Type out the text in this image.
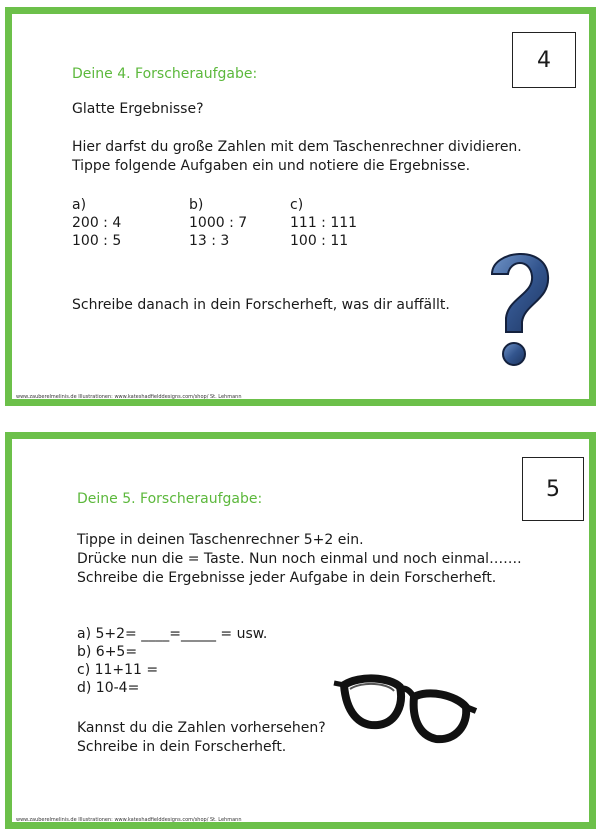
4
Deine 4. Forscheraufgabe:
Glatte Ergebnisse?
Hier darfst du große Zahlen mit dem Taschenrechner dividieren.
Tippe folgende Aufgaben ein und notiere die Ergebnisse.
a)
200 : 4
100 : 5
b)
1000 : 7
13 : 3
c)
111 : 111
100 : 11
Schreibe danach in dein Forscherheft, was dir auffällt.
www.zauberelmelinis.de Illustrationen: www.kateshadfielddesigns.com/shop/ St. Lehmann
5
Deine 5. Forscheraufgabe:
Tippe in deinen Taschenrechner 5+2 ein.
Drücke nun die = Taste. Nun noch einmal und noch einmal…….
Schreibe die Ergebnisse jeder Aufgabe in dein Forscherheft.
a) 5+2= ____=_____ = usw.
b) 6+5=
c) 11+11 =
d) 10-4=
Kannst du die Zahlen vorhersehen?
Schreibe in dein Forscherheft.
www.zauberelmelinis.de Illustrationen: www.kateshadfielddesigns.com/shop/ St. Lehmann
